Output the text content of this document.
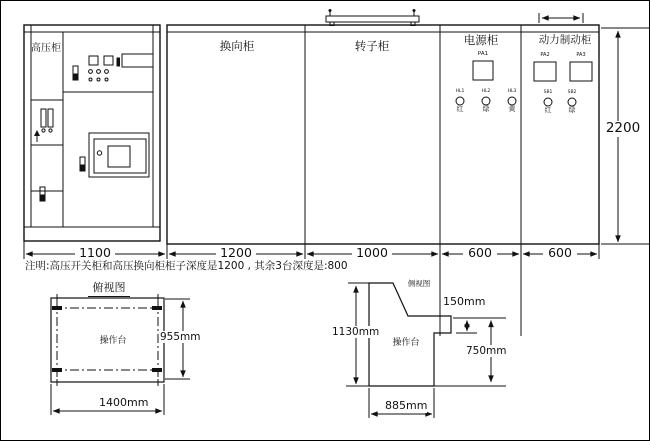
高压柜	换向柜	转子柜	电源柜	动力制动柜
PA1
HL1	HL2	HL3
红	绿	黄
PA2	PA3
SB1	SB2
红	绿
1100	1200	1000	600	600
2200
注明:高压开关柜和高压换向柜柜子深度是1200 , 其余3台深度是:800
俯视图
操作台	955mm
1400mm
侧视图
操作台
1130mm
150mm
750mm
885mm
